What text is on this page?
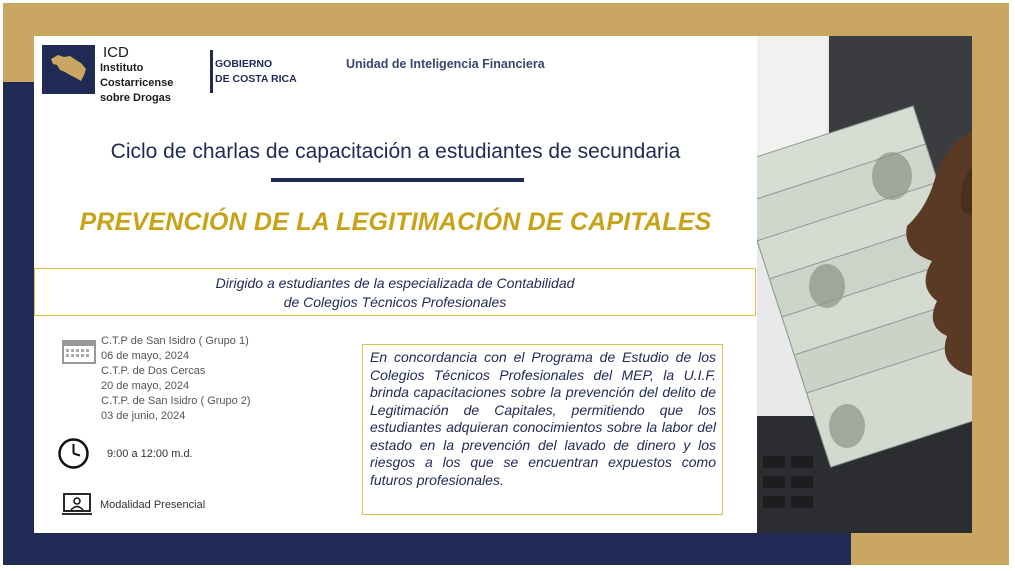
ICD
Instituto
Costarricense
sobre Drogas
GOBIERNO
DE COSTA RICA
Unidad de Inteligencia Financiera
Ciclo de charlas de capacitación a estudiantes de secundaria
PREVENCIÓN DE LA LEGITIMACIÓN DE CAPITALES
Dirigido a estudiantes de la especializada de Contabilidad
de Colegios Técnicos Profesionales
C.T.P de San Isidro ( Grupo 1)
06 de mayo, 2024
C.T.P. de Dos Cercas
20 de mayo, 2024
C.T.P. de San Isidro ( Grupo 2)
03 de junio, 2024
9:00 a 12:00 m.d.
Modalidad Presencial
En concordancia con el Programa de Estudio de los Colegios Técnicos Profesionales del MEP, la U.I.F. brinda capacitaciones sobre la prevención del delito de Legitimación de Capitales, permitiendo que los estudiantes adquieran conocimientos sobre la labor del estado en la prevención del lavado de dinero y los riesgos a los que se encuentran expuestos como futuros profesionales.
